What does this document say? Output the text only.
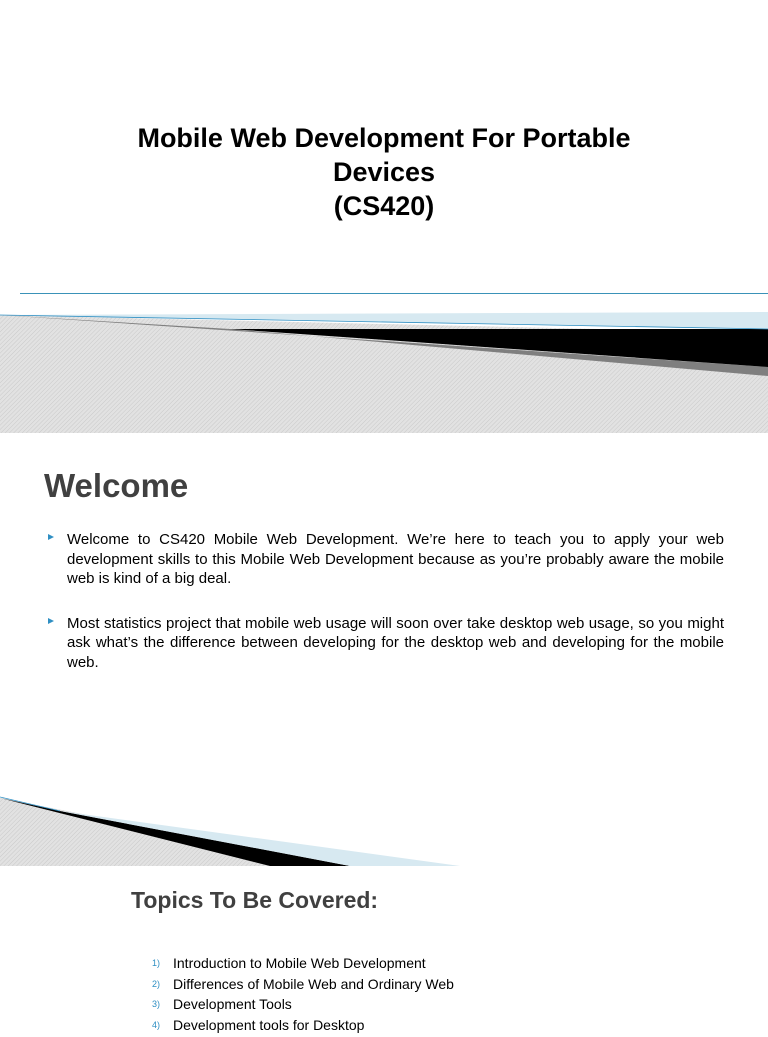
Mobile Web Development For Portable
Devices
(CS420)
Welcome
Welcome to CS420 Mobile Web Development. We’re here to teach you to apply your web development skills to this Mobile Web Development because as you’re probably aware the mobile web is kind of a big deal.
Most statistics project that mobile web usage will soon over take desktop web usage, so you might ask what’s the difference between developing for the desktop web and developing for the mobile web.
Topics To Be Covered:
1) Introduction to Mobile Web Development
2) Differences of Mobile Web and Ordinary Web
3) Development Tools
4) Development tools for Desktop
